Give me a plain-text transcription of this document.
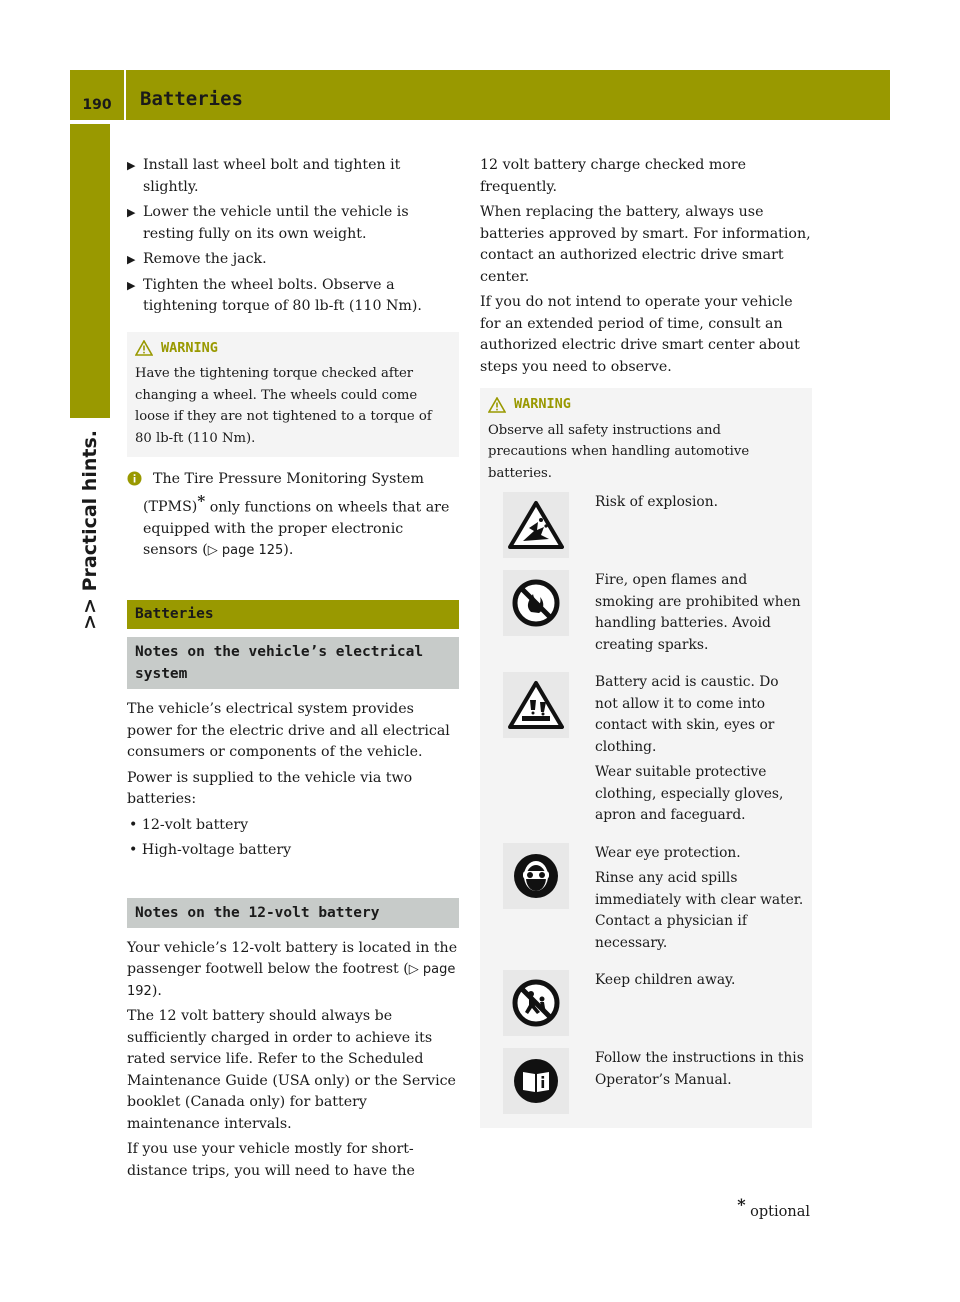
190	Batteries
>> Practical hints.
▶ Install last wheel bolt and tighten it slightly.
▶ Lower the vehicle until the vehicle is resting fully on its own weight.
▶ Remove the jack.
▶ Tighten the wheel bolts. Observe a tightening torque of 80 lb-ft (110 Nm).
WARNING
Have the tightening torque checked after changing a wheel. The wheels could come loose if they are not tightened to a torque of 80 lb-ft (110 Nm).
The Tire Pressure Monitoring System (TPMS)* only functions on wheels that are equipped with the proper electronic sensors (▷ page 125).
Batteries
Notes on the vehicle’s electrical system

The vehicle’s electrical system provides power for the electric drive and all electrical consumers or components of the vehicle.

Power is supplied to the vehicle via two batteries:

• 12-volt battery
• High-voltage battery
Notes on the 12-volt battery

Your vehicle’s 12-volt battery is located in the passenger footwell below the footrest (▷ page 192).

The 12 volt battery should always be sufficiently charged in order to achieve its rated service life. Refer to the Scheduled Maintenance Guide (USA only) or the Service booklet (Canada only) for battery maintenance intervals.

If you use your vehicle mostly for short-distance trips, you will need to have the

12 volt battery charge checked more frequently.

When replacing the battery, always use batteries approved by smart. For information, contact an authorized electric drive smart center.

If you do not intend to operate your vehicle for an extended period of time, consult an authorized electric drive smart center about steps you need to observe.

WARNING
Observe all safety instructions and precautions when handling automotive batteries.

Risk of explosion.

Fire, open flames and smoking are prohibited when handling batteries. Avoid creating sparks.

Battery acid is caustic. Do not allow it to come into contact with skin, eyes or clothing.

Wear suitable protective clothing, especially gloves, apron and faceguard.

Wear eye protection.

Rinse any acid spills immediately with clear water. Contact a physician if necessary.

Keep children away.

Follow the instructions in this Operator’s Manual.

* optional
